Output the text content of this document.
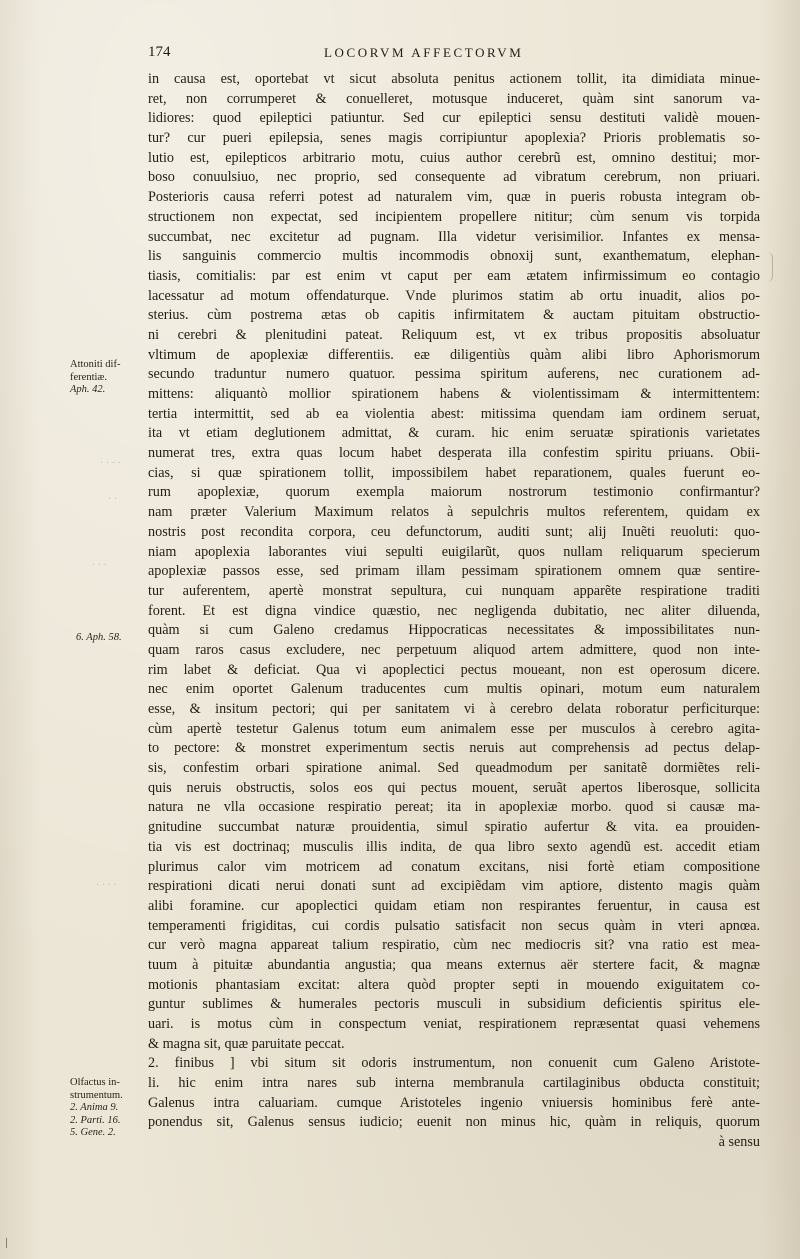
174	LOCORVM AFFECTORVM
Attoniti dif-
ferentiæ.
Aph. 42.
6. Aph. 58.
Olfactus in-
strumentum.
2. Anima 9.
2. Parti. 16.
5. Gene. 2.
· · · ·
· ·
· · ·
· · · ·
in causa est, oportebat vt sicut absoluta penitus actionem tollit, ita dimidiata minue-
ret, non corrumperet & conuelleret, motusque induceret, quàm sint sanorum va-
lidiores: quod epileptici patiuntur. Sed cur epileptici sensu destituti validè mouen-
tur? cur pueri epilepsia, senes magis corripiuntur apoplexia? Prioris problematis so-
lutio est, epilepticos arbitrario motu, cuius author cerebrũ est, omnino destitui; mor-
boso conuulsiuo, nec proprio, sed consequente ad vibratum cerebrum, non priuari.
Posterioris causa referri potest ad naturalem vim, quæ in pueris robusta integram ob-
structionem non expectat, sed incipientem propellere nititur; cùm senum vis torpida
succumbat, nec excitetur ad pugnam. Illa videtur verisimilior. Infantes ex mensa-
lis sanguinis commercio multis incommodis obnoxij sunt, exanthematum, elephan-
tiasis, comitialis: par est enim vt caput per eam ætatem infirmissimum eo contagio
lacessatur ad motum offendaturque. Vnde plurimos statim ab ortu inuadit, alios po-
sterius. cùm postrema ætas ob capitis infirmitatem & auctam pituitam obstructio-
ni cerebri & plenitudini pateat. Reliquum est, vt ex tribus propositis absoluatur
vltimum de apoplexiæ differentiis. eæ diligentiùs quàm alibi libro Aphorismorum
secundo traduntur numero quatuor. pessima spiritum auferens, nec curationem ad-
mittens: aliquantò mollior spirationem habens & violentissimam & intermittentem:
tertia intermittit, sed ab ea violentia abest: mitissima quendam iam ordinem seruat,
ita vt etiam deglutionem admittat, & curam. hic enim seruatæ spirationis varietates
numerat tres, extra quas locum habet desperata illa confestim spiritu priuans. Obii-
cias, si quæ spirationem tollit, impossibilem habet reparationem, quales fuerunt eo-
rum apoplexiæ, quorum exempla maiorum nostrorum testimonio confirmantur?
nam præter Valerium Maximum relatos à sepulchris multos referentem, quidam ex
nostris post recondita corpora, ceu defunctorum, auditi sunt; alij Inuẽti reuoluti: quo-
niam apoplexia laborantes viui sepulti euigilarũt, quos nullam reliquarum specierum
apoplexiæ passos esse, sed primam illam pessimam spirationem omnem quæ sentire-
tur auferentem, apertè monstrat sepultura, cui nunquam apparẽte respiratione traditi
forent. Et est digna vindice quæstio, nec negligenda dubitatio, nec aliter diluenda,
quàm si cum Galeno credamus Hippocraticas necessitates & impossibilitates nun-
quam raros casus excludere, nec perpetuum aliquod artem admittere, quod non inte-
rim labet & deficiat. Qua vi apoplectici pectus moueant, non est operosum dicere.
nec enim oportet Galenum traducentes cum multis opinari, motum eum naturalem
esse, & insitum pectori; qui per sanitatem vi à cerebro delata roboratur perficiturque:
cùm apertè testetur Galenus totum eum animalem esse per musculos à cerebro agita-
to pectore: & monstret experimentum sectis neruis aut comprehensis ad pectus delap-
sis, confestim orbari spiratione animal. Sed queadmodum per sanitatẽ dormiẽtes reli-
quis neruis obstructis, solos eos qui pectus mouent, seruãt apertos liberosque, sollicita
natura ne vlla occasione respiratio pereat; ita in apoplexiæ morbo. quod si causæ ma-
gnitudine succumbat naturæ prouidentia, simul spiratio aufertur & vita. ea prouiden-
tia vis est doctrinaq; musculis illis indita, de qua libro sexto agendũ est. accedit etiam
plurimus calor vim motricem ad conatum excitans, nisi fortè etiam compositione
respirationi dicati nerui donati sunt ad excipiẽdam vim aptiore, distento magis quàm
alibi foramine. cur apoplectici quidam etiam non respirantes feruentur, in causa est
temperamenti frigiditas, cui cordis pulsatio satisfacit non secus quàm in vteri apnœa.
cur verò magna appareat talium respiratio, cùm nec mediocris sit? vna ratio est mea-
tuum à pituitæ abundantia angustia; qua means externus aër stertere facit, & magnæ
motionis phantasiam excitat: altera quòd propter septi in mouendo exiguitatem co-
guntur sublimes & humerales pectoris musculi in subsidium deficientis spiritus ele-
uari. is motus cùm in conspectum veniat, respirationem repræsentat quasi vehemens
& magna sit, quæ paruitate peccat.
2. finibus ] vbi situm sit odoris instrumentum, non conuenit cum Galeno Aristote-
li. hic enim intra nares sub interna membranula cartilaginibus obducta constituit;
Galenus intra caluariam. cumque Aristoteles ingenio vniuersis hominibus ferè ante-
ponendus sit, Galenus sensus iudicio; euenit non minus hic, quàm in reliquis, quorum
à sensu
